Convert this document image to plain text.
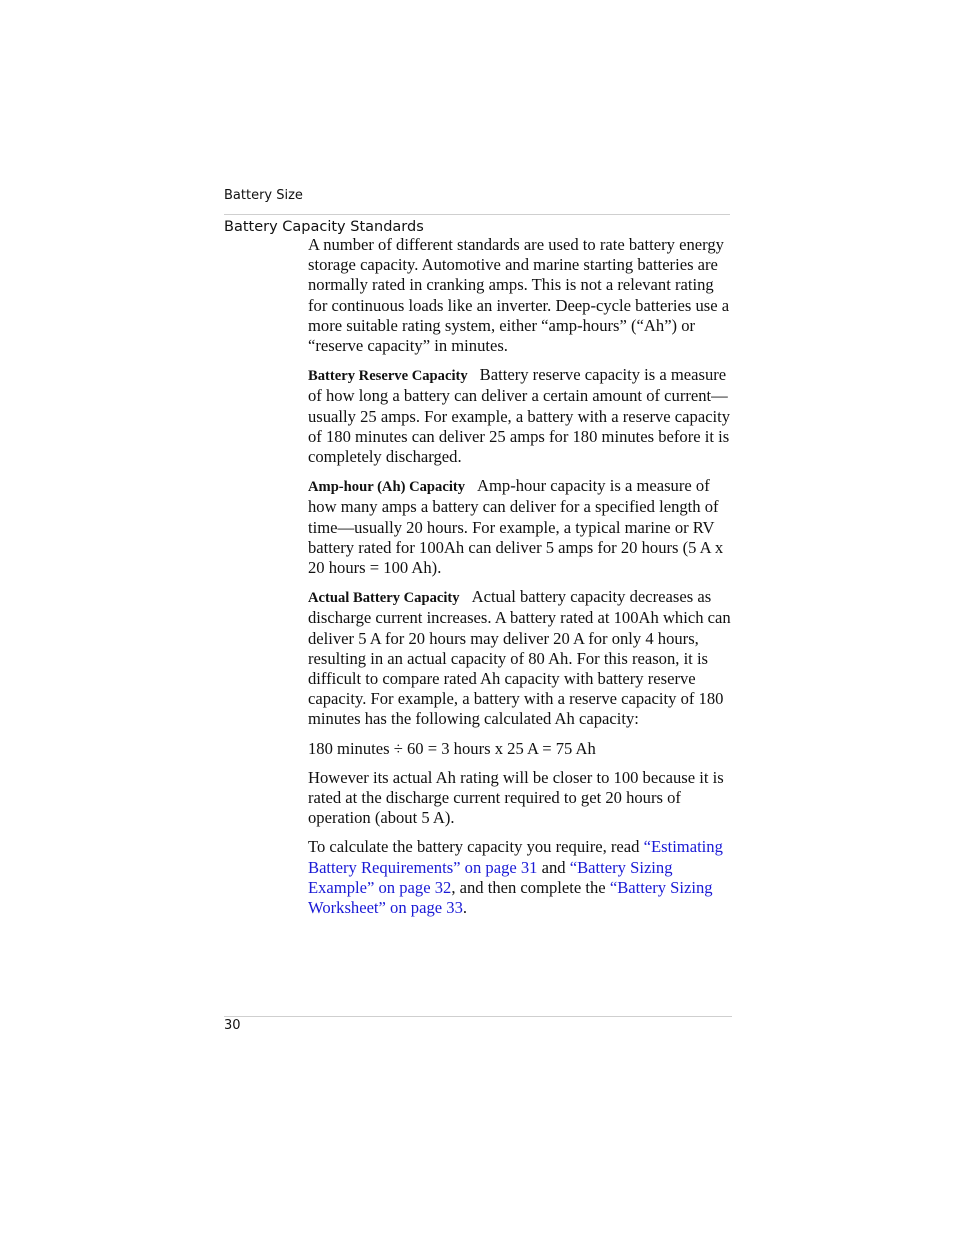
Battery Size
Battery Capacity Standards

A number of different standards are used to rate battery energy storage capacity. Automotive and marine starting batteries are normally rated in cranking amps. This is not a relevant rating for continuous loads like an inverter. Deep-cycle batteries use a more suitable rating system, either “amp-hours” (“Ah”) or “reserve capacity” in minutes.

Battery Reserve Capacity Battery reserve capacity is a measure of how long a battery can deliver a certain amount of current—usually 25 amps. For example, a battery with a reserve capacity of 180 minutes can deliver 25 amps for 180 minutes before it is completely discharged.

Amp-hour (Ah) Capacity Amp-hour capacity is a measure of how many amps a battery can deliver for a specified length of time—usually 20 hours. For example, a typical marine or RV battery rated for 100Ah can deliver 5 amps for 20 hours (5 A x 20 hours = 100 Ah).

Actual Battery Capacity Actual battery capacity decreases as discharge current increases. A battery rated at 100Ah which can deliver 5 A for 20 hours may deliver 20 A for only 4 hours, resulting in an actual capacity of 80 Ah. For this reason, it is difficult to compare rated Ah capacity with battery reserve capacity. For example, a battery with a reserve capacity of 180 minutes has the following calculated Ah capacity:

180 minutes ÷ 60 = 3 hours x 25 A = 75 Ah

However its actual Ah rating will be closer to 100 because it is rated at the discharge current required to get 20 hours of operation (about 5 A).

To calculate the battery capacity you require, read “Estimating Battery Requirements” on page 31 and “Battery Sizing Example” on page 32, and then complete the “Battery Sizing Worksheet” on page 33.

30
